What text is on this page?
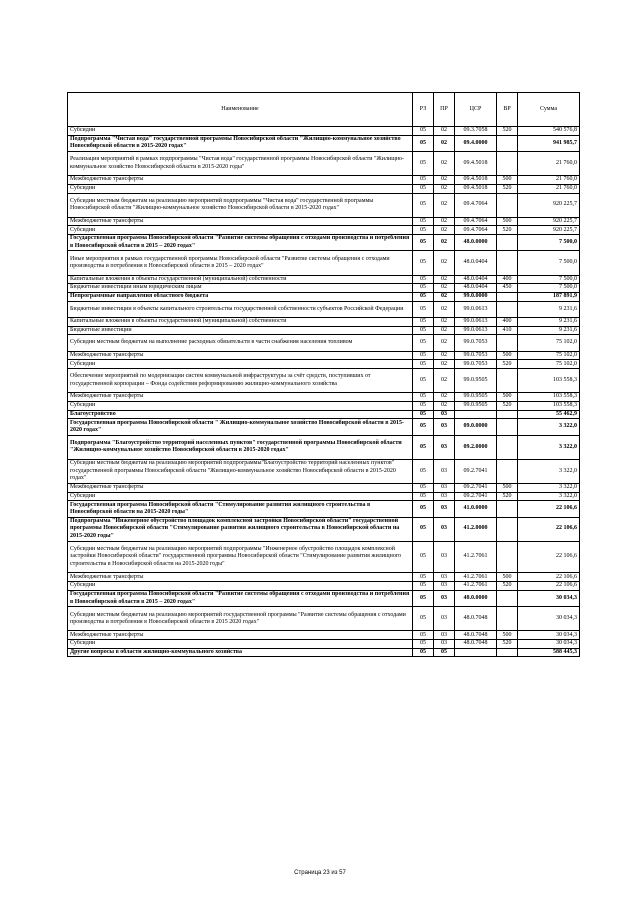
Наименование	РЗ	ПР	ЦСР	ВР	Сумма
Субсидии	05	02	09.3.7058	520	540 576,8
Подпрограмма "Чистая вода" государственной программы Новосибирской области "Жилищно-коммунальное хозяйство Новосибирской области в 2015-2020 годах"	05	02	09.4.0000		941 985,7
Реализация мероприятий в рамках подпрограммы "Чистая вода" государственной программы Новосибирской области "Жилищно-коммунальное хозяйство Новосибирской области в 2015-2020 годы"	05	02	09.4.5018		21 760,0
Межбюджетные трансферты	05	02	09.4.5018	500	21 760,0
Субсидии	05	02	09.4.5018	520	21 760,0
Субсидии местным бюджетам на реализацию мероприятий подпрограммы "Чистая вода" государственной программы Новосибирской области "Жилищно-коммунальное хозяйство Новосибирской области в 2015-2020 годах"	05	02	09.4.7064		920 225,7
Межбюджетные трансферты	05	02	09.4.7064	500	920 225,7
Субсидии	05	02	09.4.7064	520	920 225,7
Государственная программа Новосибирской области "Развитие системы обращения с отходами производства и потребления в Новосибирской области в 2015 – 2020 годах"	05	02	48.0.0000		7 500,0
Иные мероприятия в рамках государственной программы Новосибирской области "Развитие системы обращения с отходами производства и потребления в Новосибирской области в 2015 – 2020 годах"	05	02	48.0.0404		7 500,0
Капитальные вложения в объекты государственной (муниципальной) собственности	05	02	48.0.0404	400	7 500,0
Бюджетные инвестиции иным юридическим лицам	05	02	48.0.0404	450	7 500,0
Непрограммные направления областного бюджета	05	02	99.0.0000		187 891,9
Бюджетные инвестиции в объекты капитального строительства государственной собственности субъектов Российской Федерации	05	02	99.0.0613		9 231,6
Капитальные вложения в объекты государственной (муниципальной) собственности	05	02	99.0.0613	400	9 231,6
Бюджетные инвестиции	05	02	99.0.0613	410	9 231,6
Субсидии местным бюджетам на выполнение расходных обязательств в части снабжения населения топливом	05	02	99.0.7053		75 102,0
Межбюджетные трансферты	05	02	99.0.7053	500	75 102,0
Субсидии	05	02	99.0.7053	520	75 102,0
Обеспечение мероприятий по модернизации систем коммунальной инфраструктуры за счёт средств, поступивших от государственной корпорации – Фонда содействия реформированию жилищно-коммунального хозяйства	05	02	99.0.9505		103 558,3
Межбюджетные трансферты	05	02	99.0.9505	500	103 558,3
Субсидии	05	02	99.0.9505	520	103 558,3
Благоустройство	05	03			55 462,9
Государственная программа Новосибирской области " Жилищно-коммунальное хозяйство Новосибирской области в 2015-2020 годах"	05	03	09.0.0000		3 322,0
Подпрограмма "Благоустройство территорий населенных пунктов" государственной программы Новосибирской области "Жилищно-коммунальное хозяйство Новосибирской области в 2015-2020 годах"	05	03	09.2.0000		3 322,0
Субсидии местным бюджетам на реализацию мероприятий подпрограммы"Благоустройство территорий населенных пунктов" государственной программы Новосибирской области "Жилищно-коммунальное хозяйство Новосибирской области в 2015-2020 годах"	05	03	09.2.7041		3 322,0
Межбюджетные трансферты	05	03	09.2.7041	500	3 322,0
Субсидии	05	03	09.2.7041	520	3 322,0
Государственная программа Новосибирской области "Стимулирование развития жилищного строительства в Новосибирской области на 2015-2020 годы"	05	03	41.0.0000		22 106,6
Подпрограмма "Инженерное обустройство площадок комплексной застройки Новосибирской области" государственной программы Новосибирской области "Стимулирование развития жилищного строительства в Новосибирской области на 2015-2020 годы"	05	03	41.2.0000		22 106,6
Субсидии местным бюджетам на реализацию мероприятий подпрограммы "Инженерное обустройство площадок комплексной застройки Новосибирской области" государственной программы Новосибирской области "Стимулирование развития жилищного строительства в Новосибирской области на 2015-2020 годы"	05	03	41.2.7061		22 106,6
Межбюджетные трансферты	05	03	41.2.7061	500	22 106,6
Субсидии	05	03	41.2.7061	520	22 106,6
Государственная программа Новосибирской области "Развитие системы обращения с отходами производства и потребления в Новосибирской области в 2015 – 2020 годах"	05	03	48.0.0000		30 034,3
Субсидии местным бюджетам на реализацию мероприятий государственной программы "Развитие системы обращения с отходами производства и потребления в Новосибирской области в 2015 2020 годах"	05	03	48.0.7048		30 034,3
Межбюджетные трансферты	05	03	48.0.7048	500	30 034,3
Субсидии	05	03	48.0.7048	520	30 034,3
Другие вопросы в области жилищно-коммунального хозяйства	05	05			588 445,3
Страница 23 из 57
